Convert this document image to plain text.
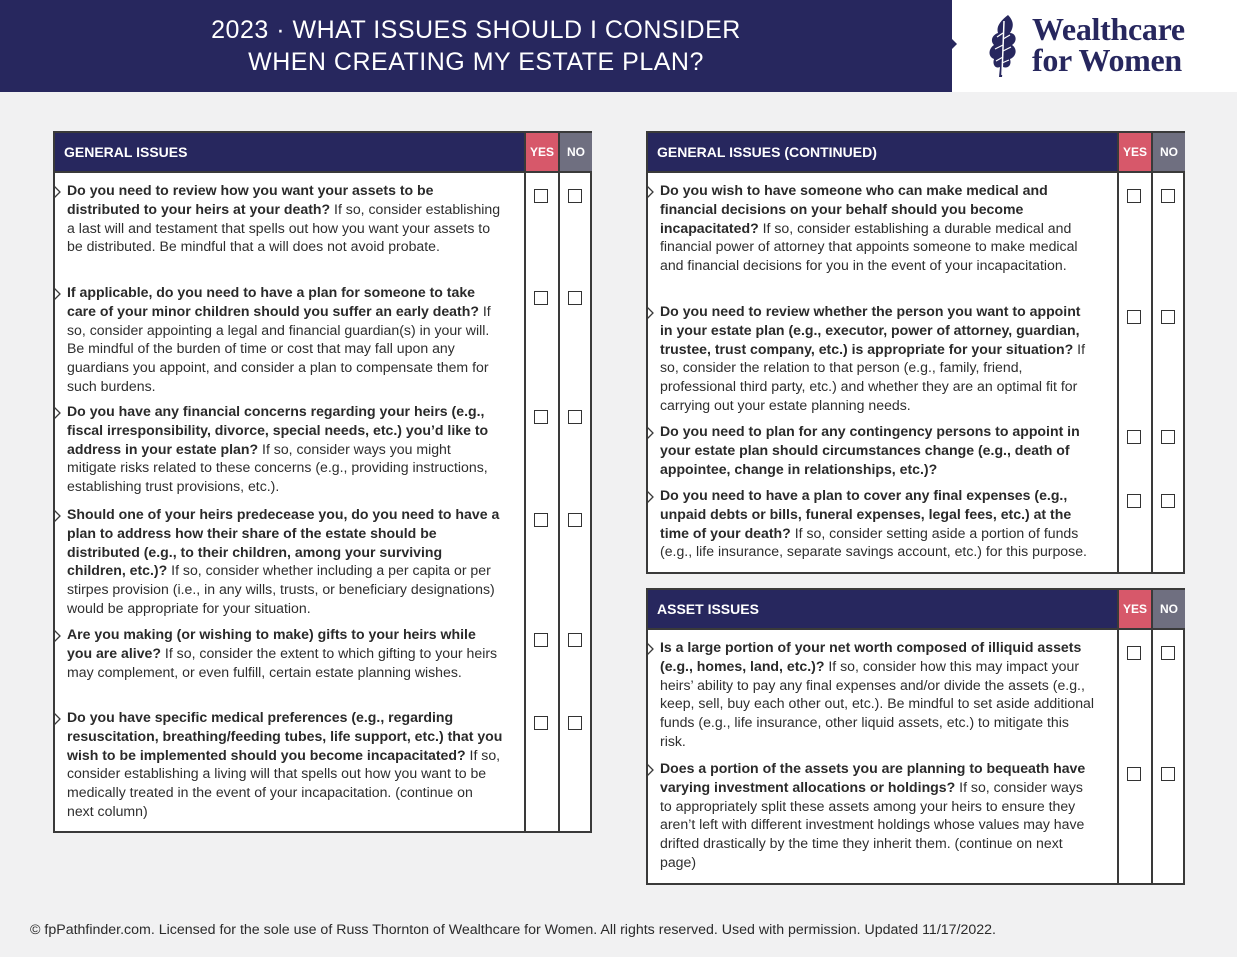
2023 · WHAT ISSUES SHOULD I CONSIDER
WHEN CREATING MY ESTATE PLAN?
Wealthcare
for Women
GENERAL ISSUES	YES	NO
Do you need to review how you want your assets to be distributed to your heirs at your death? If so, consider establishing a last will and testament that spells out how you want your assets to be distributed. Be mindful that a will does not avoid probate.
If applicable, do you need to have a plan for someone to take care of your minor children should you suffer an early death? If so, consider appointing a legal and financial guardian(s) in your will. Be mindful of the burden of time or cost that may fall upon any guardians you appoint, and consider a plan to compensate them for such burdens.
Do you have any financial concerns regarding your heirs (e.g., fiscal irresponsibility, divorce, special needs, etc.) you’d like to address in your estate plan? If so, consider ways you might mitigate risks related to these concerns (e.g., providing instructions, establishing trust provisions, etc.).
Should one of your heirs predecease you, do you need to have a plan to address how their share of the estate should be distributed (e.g., to their children, among your surviving children, etc.)? If so, consider whether including a per capita or per stirpes provision (i.e., in any wills, trusts, or beneficiary designations) would be appropriate for your situation.
Are you making (or wishing to make) gifts to your heirs while you are alive? If so, consider the extent to which gifting to your heirs may complement, or even fulfill, certain estate planning wishes.
Do you have specific medical preferences (e.g., regarding resuscitation, breathing/feeding tubes, life support, etc.) that you wish to be implemented should you become incapacitated? If so, consider establishing a living will that spells out how you want to be medically treated in the event of your incapacitation. (continue on next column)
GENERAL ISSUES (CONTINUED)	YES	NO
Do you wish to have someone who can make medical and financial decisions on your behalf should you become incapacitated? If so, consider establishing a durable medical and financial power of attorney that appoints someone to make medical and financial decisions for you in the event of your incapacitation.
Do you need to review whether the person you want to appoint in your estate plan (e.g., executor, power of attorney, guardian, trustee, trust company, etc.) is appropriate for your situation? If so, consider the relation to that person (e.g., family, friend, professional third party, etc.) and whether they are an optimal fit for carrying out your estate planning needs.
Do you need to plan for any contingency persons to appoint in your estate plan should circumstances change (e.g., death of appointee, change in relationships, etc.)?
Do you need to have a plan to cover any final expenses (e.g., unpaid debts or bills, funeral expenses, legal fees, etc.) at the time of your death? If so, consider setting aside a portion of funds (e.g., life insurance, separate savings account, etc.) for this purpose.
ASSET ISSUES	YES	NO
Is a large portion of your net worth composed of illiquid assets (e.g., homes, land, etc.)? If so, consider how this may impact your heirs’ ability to pay any final expenses and/or divide the assets (e.g., keep, sell, buy each other out, etc.). Be mindful to set aside additional funds (e.g., life insurance, other liquid assets, etc.) to mitigate this risk.
Does a portion of the assets you are planning to bequeath have varying investment allocations or holdings? If so, consider ways to appropriately split these assets among your heirs to ensure they aren’t left with different investment holdings whose values may have drifted drastically by the time they inherit them. (continue on next page)
© fpPathfinder.com. Licensed for the sole use of Russ Thornton of Wealthcare for Women. All rights reserved. Used with permission. Updated 11/17/2022.
